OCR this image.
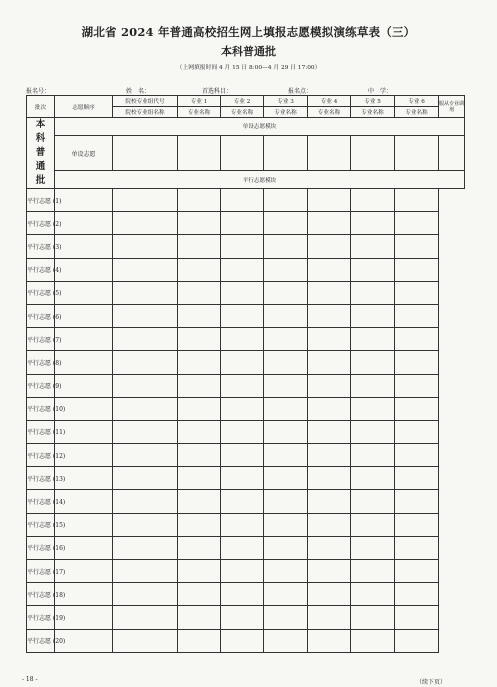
湖北省 2024 年普通高校招生网上填报志愿模拟演练草表（三）
本科普通批
（上网填报时间 4 月 15 日 8:00—4 月 29 日 17:00）
报名号：	姓　名：	首选科目：	报名点：	中　学：
批次	志愿顺序	院校专业组代号	专业 1	专业 2	专业 3	专业 4	专业 5	专业 6	服从专业调剂
		院校专业组名称	专业名称	专业名称	专业名称	专业名称	专业名称	专业名称	

本
科
普
通
批	单设志愿模块								
	单设志愿								
	平行志愿模块								
平行志愿 (1)									
平行志愿 (2)									
平行志愿 (3)									
平行志愿 (4)									
平行志愿 (5)									
平行志愿 (6)									
平行志愿 (7)									
平行志愿 (8)									
平行志愿 (9)									
平行志愿 (10)									
平行志愿 (11)									
平行志愿 (12)									
平行志愿 (13)									
平行志愿 (14)									
平行志愿 (15)									
平行志愿 (16)									
平行志愿 (17)									
平行志愿 (18)									
平行志愿 (19)									
平行志愿 (20)									
（续下页）
- 18 -
